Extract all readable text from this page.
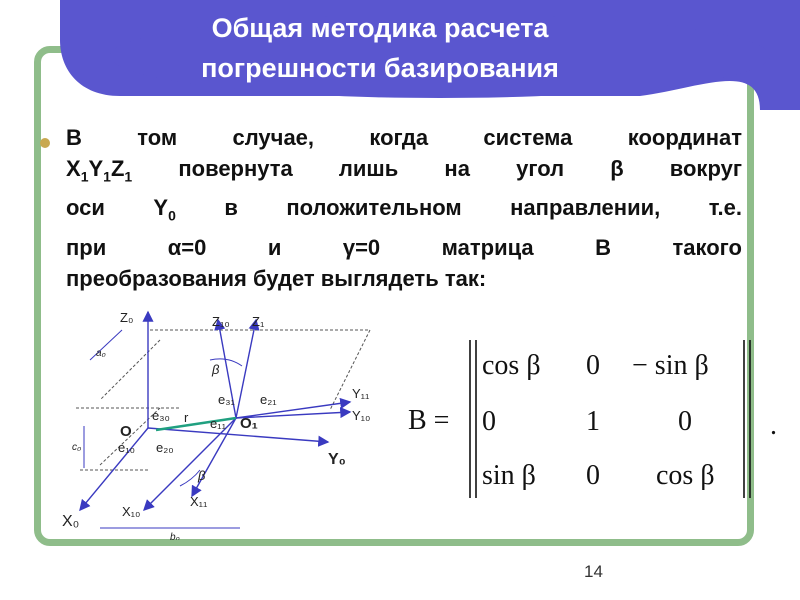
Общая методика расчета
погрешности базирования
В том случае, когда система координат
$X_1Y_1Z_1$ повернута лишь на угол β вокруг
оси $Y_0$ в положительном направлении, т.е.
при α=0 и γ=0 матрица B такого
преобразования будет выглядеть так:
Z₀	Z₁₀ Z₁
Y₁₁
Y₁₀
Y₀
X₀
X₁₀
X₁₁
O	O₁
e₃₀
e₃₁ e₂₁
e₁₁
e₁₀ e₂₀
r
β
β
a₀
c₀
b₀
B =
cos β 0 − sin β
0	1	0
sin β 0 cos β
.
14
